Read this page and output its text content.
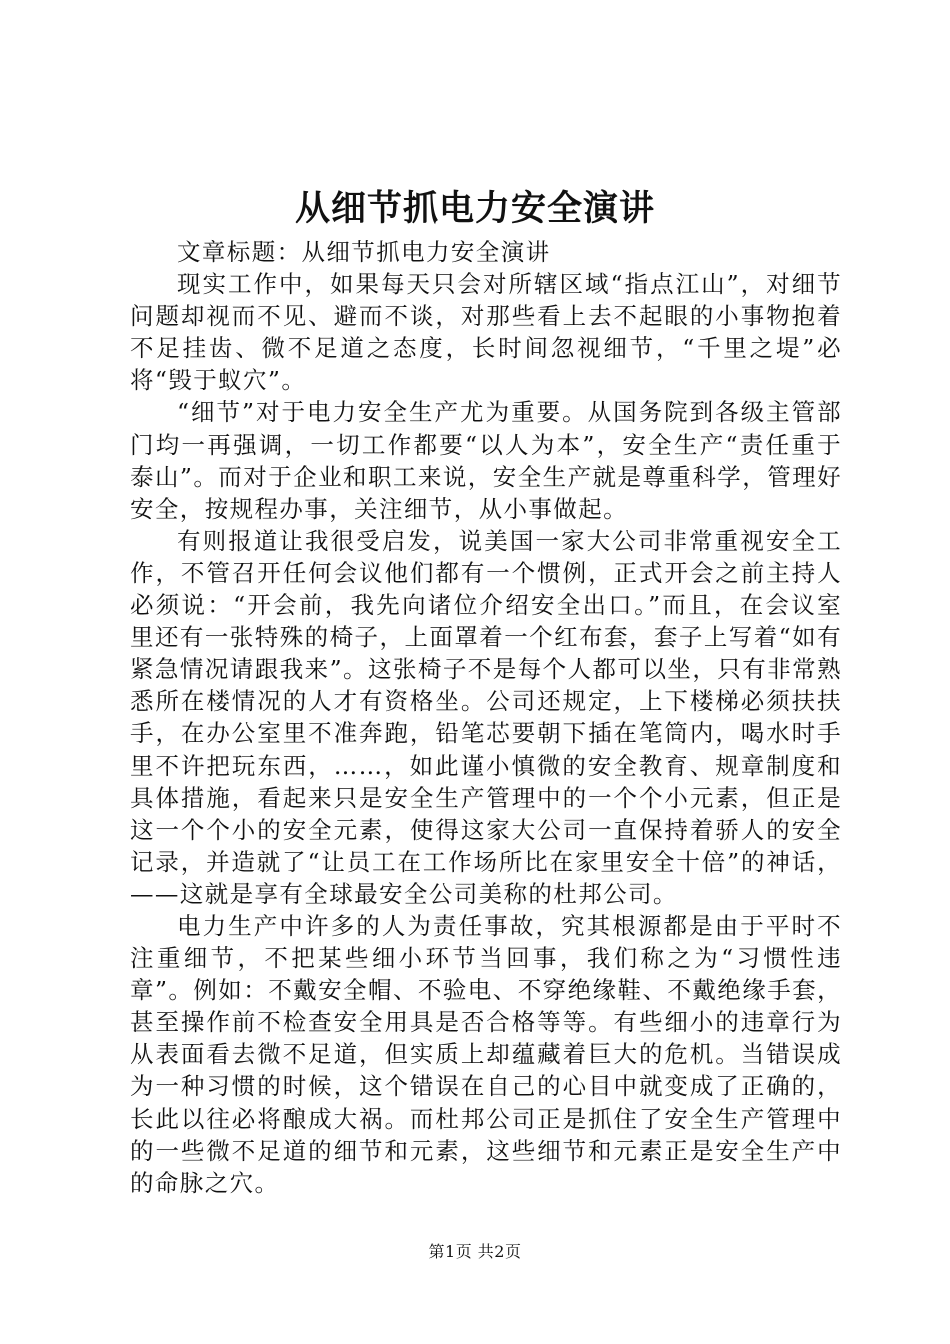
从细节抓电力安全演讲

文章标题：从细节抓电力安全演讲

现实工作中，如果每天只会对所辖区域“指点江山”，对细节问题却视而不见、避而不谈，对那些看上去不起眼的小事物抱着不足挂齿、微不足道之态度，长时间忽视细节，“千里之堤”必将“毁于蚁穴”。

“细节”对于电力安全生产尤为重要。从国务院到各级主管部门均一再强调，一切工作都要“以人为本”，安全生产“责任重于泰山”。而对于企业和职工来说，安全生产就是尊重科学，管理好安全，按规程办事，关注细节，从小事做起。

有则报道让我很受启发，说美国一家大公司非常重视安全工作，不管召开任何会议他们都有一个惯例，正式开会之前主持人必须说：“开会前，我先向诸位介绍安全出口。”而且，在会议室里还有一张特殊的椅子，上面罩着一个红布套，套子上写着“如有紧急情况请跟我来”。这张椅子不是每个人都可以坐，只有非常熟悉所在楼情况的人才有资格坐。公司还规定，上下楼梯必须扶扶手，在办公室里不准奔跑，铅笔芯要朝下插在笔筒内，喝水时手里不许把玩东西，……，如此谨小慎微的安全教育、规章制度和具体措施，看起来只是安全生产管理中的一个个小元素，但正是这一个个小的安全元素，使得这家大公司一直保持着骄人的安全记录，并造就了“让员工在工作场所比在家里安全十倍”的神话，——这就是享有全球最安全公司美称的杜邦公司。

电力生产中许多的人为责任事故，究其根源都是由于平时不注重细节，不把某些细小环节当回事，我们称之为“习惯性违章”。例如：不戴安全帽、不验电、不穿绝缘鞋、不戴绝缘手套，甚至操作前不检查安全用具是否合格等等。有些细小的违章行为从表面看去微不足道，但实质上却蕴藏着巨大的危机。当错误成为一种习惯的时候，这个错误在自己的心目中就变成了正确的，长此以往必将酿成大祸。而杜邦公司正是抓住了安全生产管理中的一些微不足道的细节和元素，这些细节和元素正是安全生产中的命脉之穴。

第1页 共2页
